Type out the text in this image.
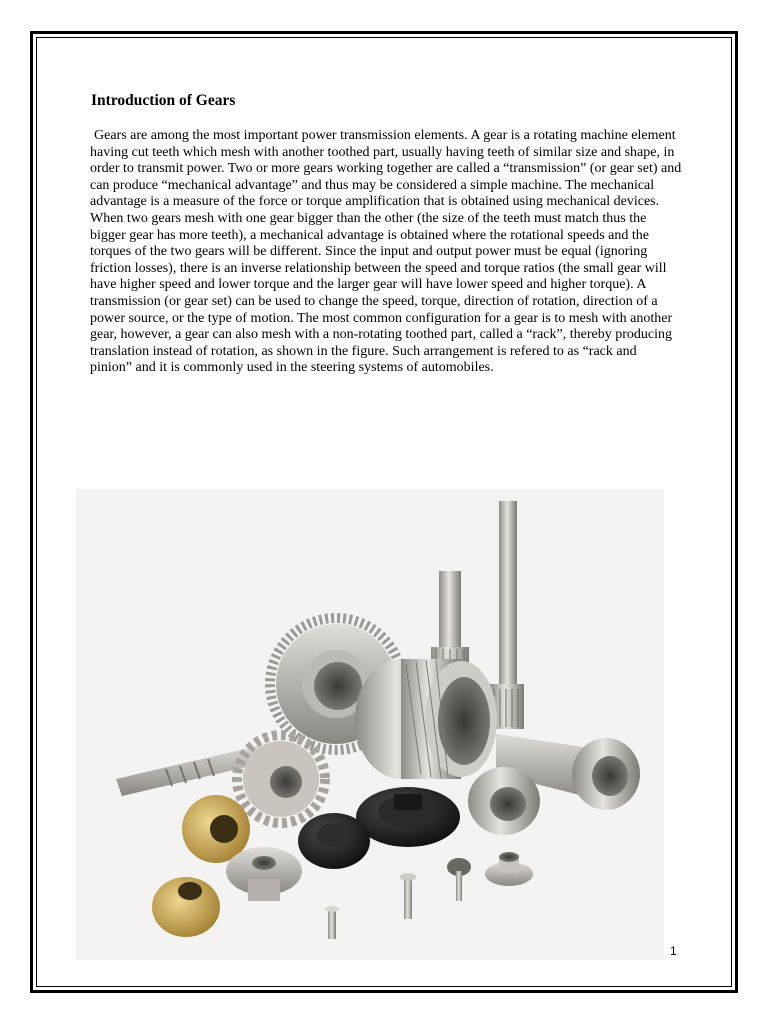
Introduction of Gears

Gears are among the most important power transmission elements. A gear is a rotating machine element having cut teeth which mesh with another toothed part, usually having teeth of similar size and shape, in order to transmit power. Two or more gears working together are called a “transmission” (or gear set) and can produce “mechanical advantage” and thus may be considered a simple machine. The mechanical advantage is a measure of the force or torque amplification that is obtained using mechanical devices. When two gears mesh with one gear bigger than the other (the size of the teeth must match thus the bigger gear has more teeth), a mechanical advantage is obtained where the rotational speeds and the torques of the two gears will be different. Since the input and output power must be equal (ignoring friction losses), there is an inverse relationship between the speed and torque ratios (the small gear will have higher speed and lower torque and the larger gear will have lower speed and higher torque). A transmission (or gear set) can be used to change the speed, torque, direction of rotation, direction of a power source, or the type of motion. The most common configuration for a gear is to mesh with another gear, however, a gear can also mesh with a non-rotating toothed part, called a “rack”, thereby producing translation instead of rotation, as shown in the figure. Such arrangement is refered to as “rack and pinion” and it is commonly used in the steering systems of automobiles.

1
